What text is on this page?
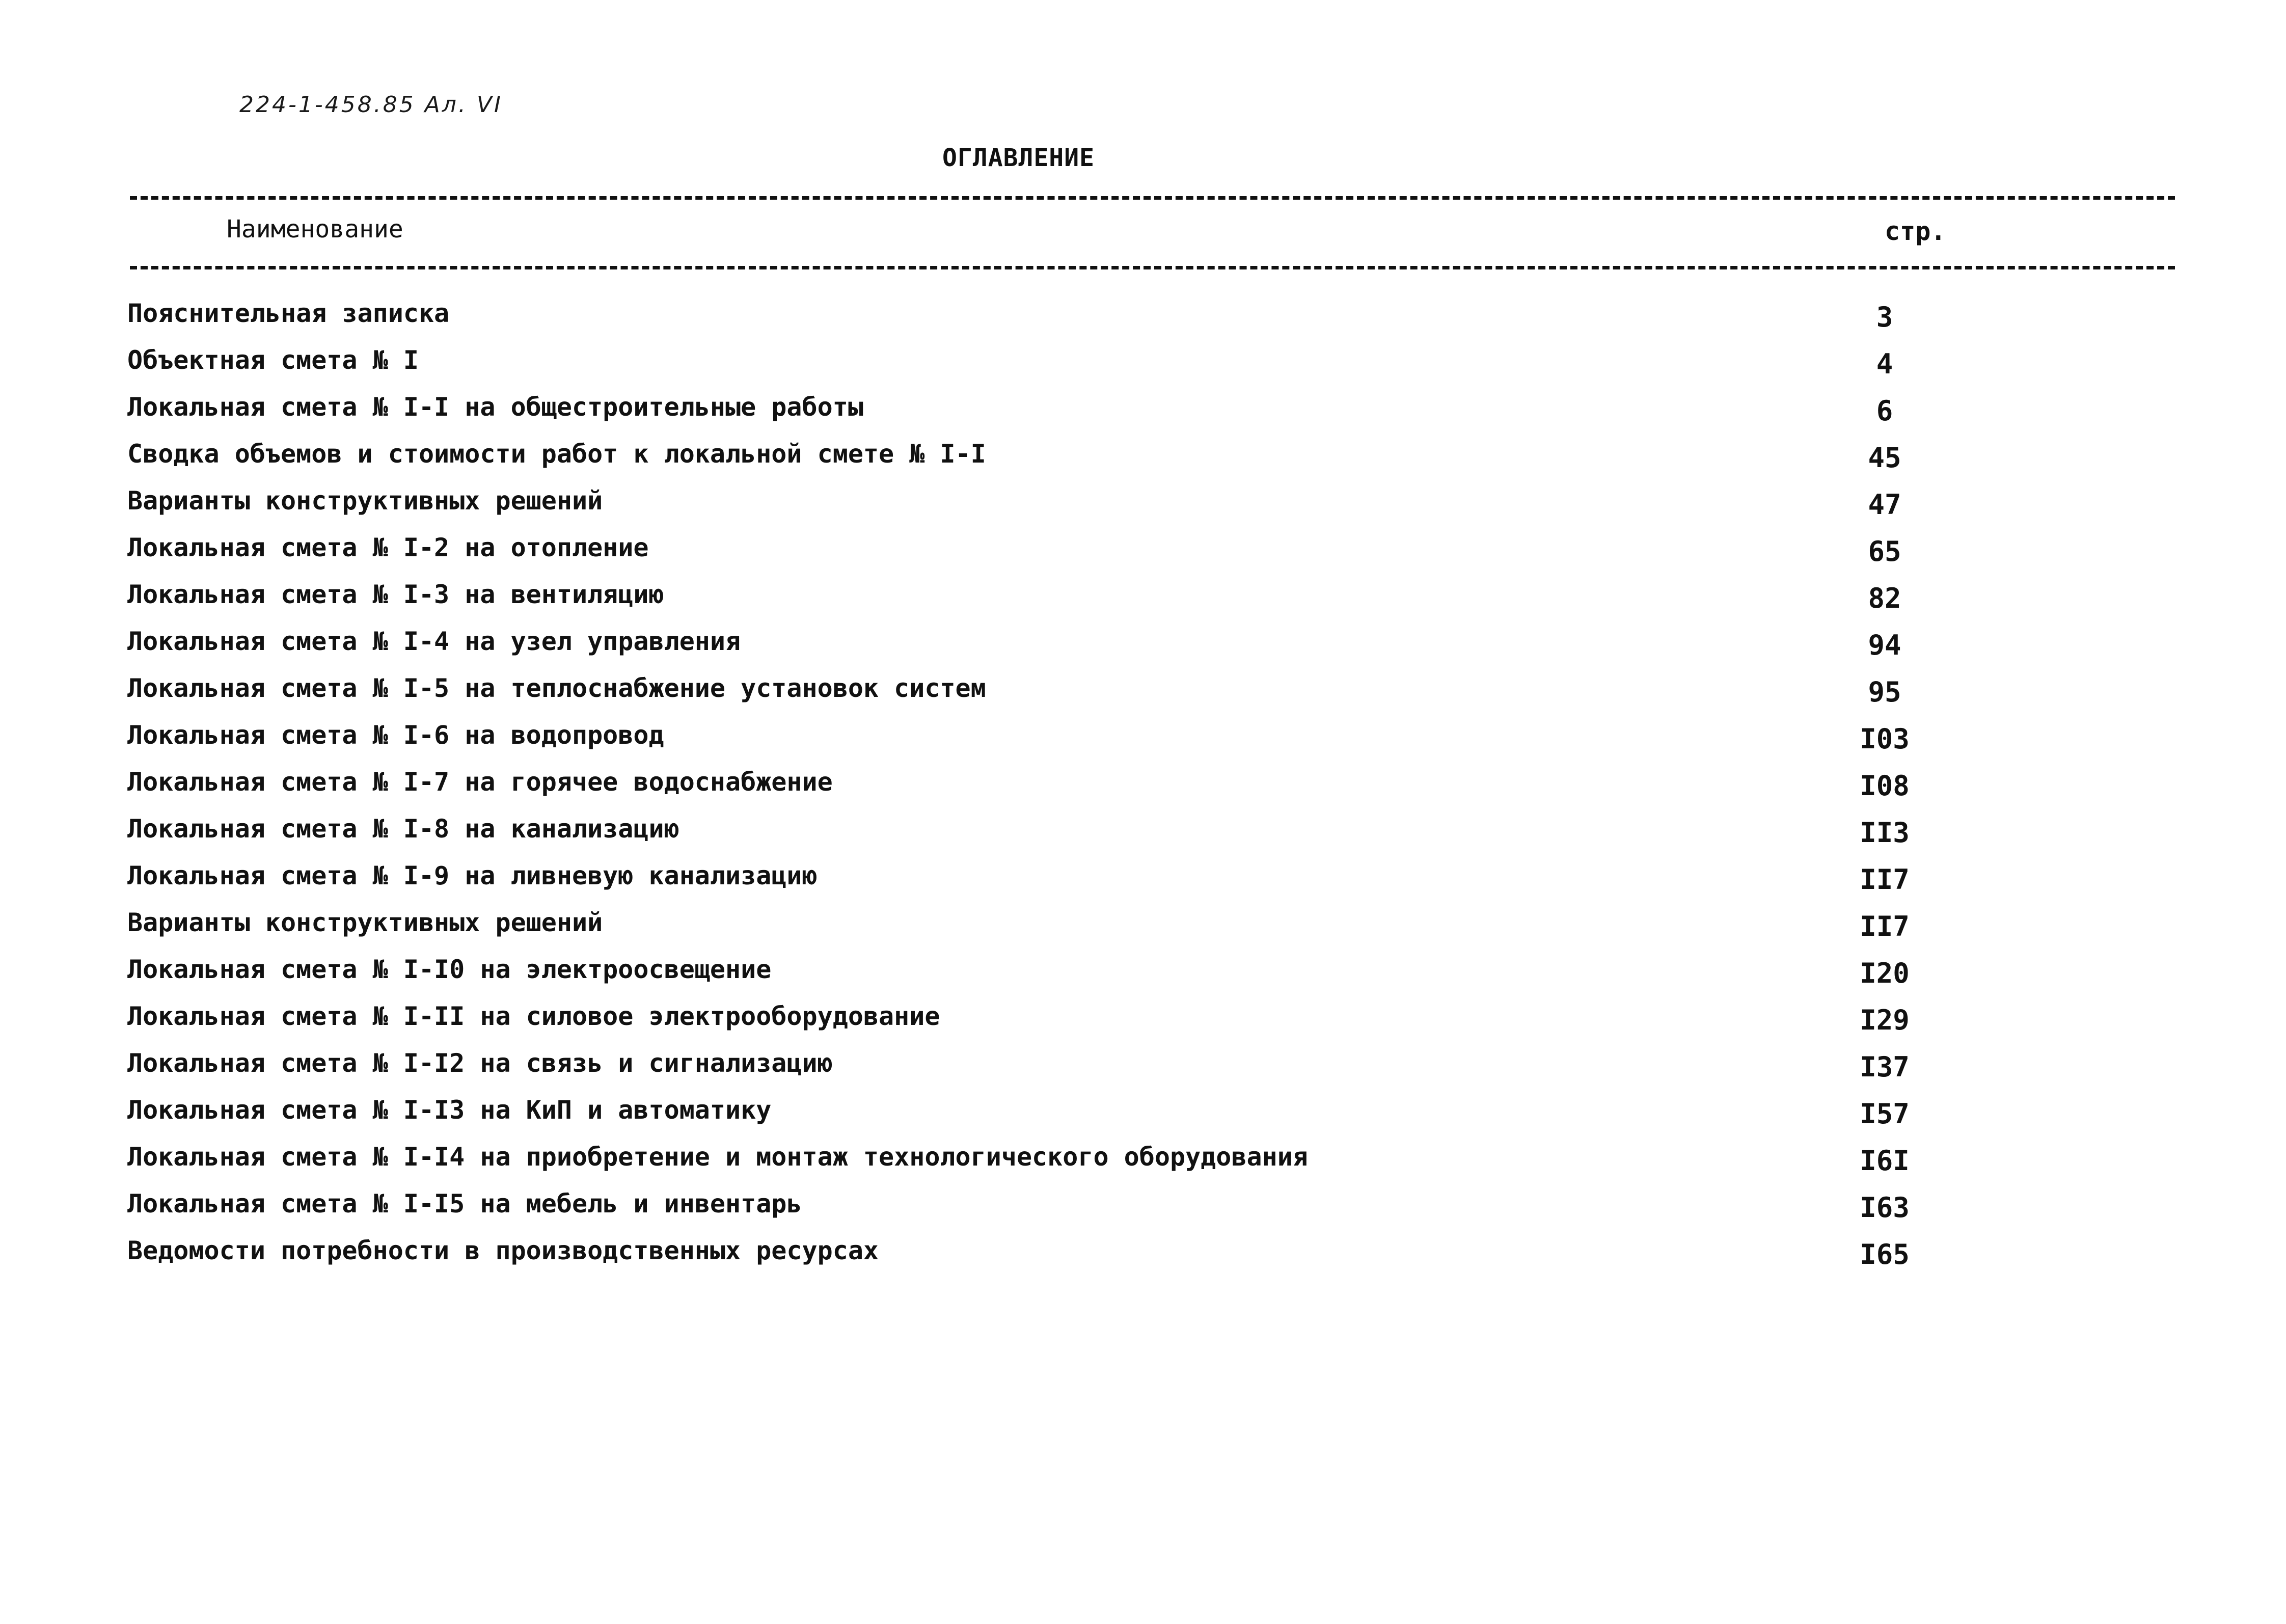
224-1-458.85 Ал. VI
ОГЛАВЛЕНИЕ
Наименование	стр.
Пояснительная записка	3
Объектная смета № I	4
Локальная смета № I-I на общестроительные работы	6
Сводка объемов и стоимости работ к локальной смете № I-I	45
Варианты конструктивных решений	47
Локальная смета № I-2 на отопление	65
Локальная смета № I-3 на вентиляцию	82
Локальная смета № I-4 на узел управления	94
Локальная смета № I-5 на теплоснабжение установок систем	95
Локальная смета № I-6 на водопровод	I03
Локальная смета № I-7 на горячее водоснабжение	I08
Локальная смета № I-8 на канализацию	II3
Локальная смета № I-9 на ливневую канализацию	II7
Варианты конструктивных решений	II7
Локальная смета № I-I0 на электроосвещение	I20
Локальная смета № I-II на силовое электрооборудование	I29
Локальная смета № I-I2 на связь и сигнализацию	I37
Локальная смета № I-I3 на КиП и автоматику	I57
Локальная смета № I-I4 на приобретение и монтаж технологического оборудования	I6I
Локальная смета № I-I5 на мебель и инвентарь	I63
Ведомости потребности в производственных ресурсах	I65
